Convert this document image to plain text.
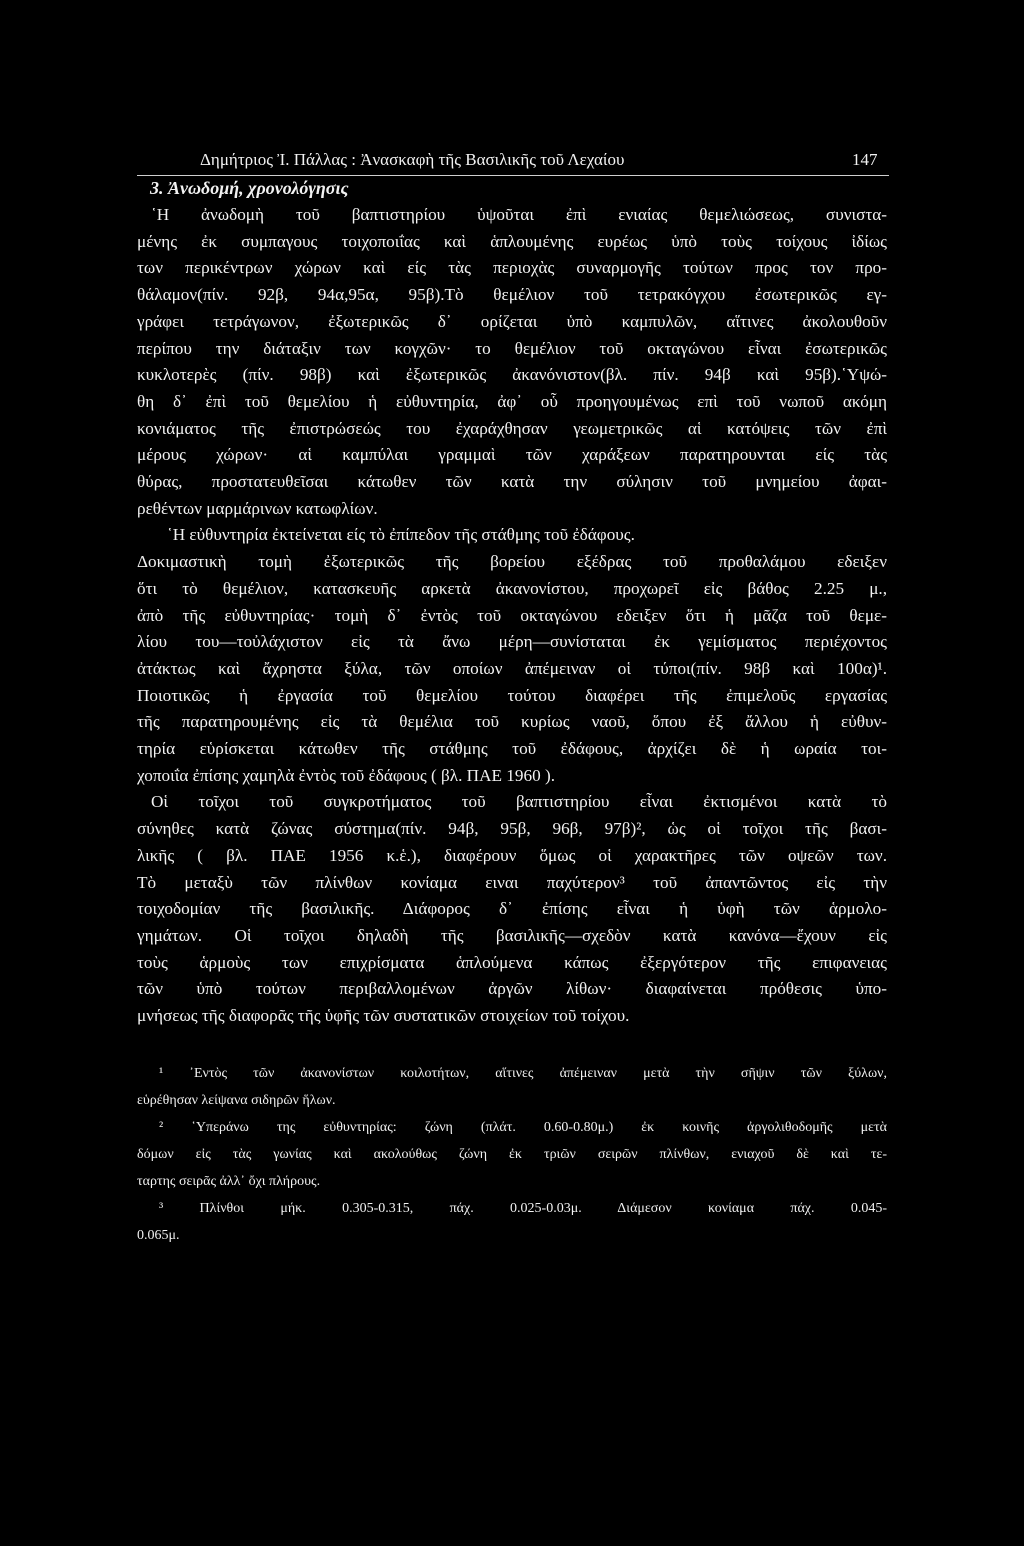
Δημήτριος Ἰ. Πάλλας : Ἀνασκαφὴ τῆς Βασιλικῆς τοῦ Λεχαίου	147
3. Ἀνωδομή, χρονολόγησις
῾Η ἀνωδομὴ τοῦ βαπτιστηρίου ὑψοῦται ἐπὶ ενιαίας θεμελιώσεως, συνιστα-
μένης ἐκ συμπαγους τοιχοποιΐας καὶ ἁπλουμένης ευρέως ὑπὸ τοὺς τοίχους ἰδίως
των περικέντρων χώρων καὶ είς τὰς περιοχὰς συναρμογῆς τούτων προς τον προ-
θάλαμον(πίν. 92β, 94α,95α, 95β).Τὸ θεμέλιον τοῦ τετρακόγχου ἐσωτερικῶς εγ-
γράφει τετράγωνον, ἐξωτερικῶς δ᾿ ορίζεται ὑπὸ καμπυλῶν, αἵτινες ἀκολουθοῦν
περίπου την διάταξιν των κογχῶν· το θεμέλιον τοῦ οκταγώνου εἶναι ἐσωτερικῶς
κυκλοτερὲς (πίν. 98β) καὶ ἐξωτερικῶς ἀκανόνιστον(βλ. πίν. 94β καὶ 95β).῾Υψώ-
θη δ᾿ ἐπὶ τοῦ θεμελίου ἡ εὐθυντηρία, ἀφ᾿ οὗ προηγουμένως επὶ τοῦ νωποῦ ακόμη
κονιάματος τῆς ἐπιστρώσεώς του ἐχαράχθησαν γεωμετρικῶς αἱ κατόψεις τῶν ἐπὶ
μέρους χώρων· αἱ καμπύλαι γραμμαὶ τῶν χαράξεων παρατηρουνται είς τὰς
θύρας, προστατευθεῖσαι κάτωθεν τῶν κατὰ την σύλησιν τοῦ μνημείου ἀφαι-
ρεθέντων μαρμάρινων κατωφλίων.
῾Η εὐθυντηρία ἐκτείνεται είς τὸ ἐπίπεδον τῆς στάθμης τοῦ ἐδάφους.
Δοκιμαστικὴ τομὴ ἐξωτερικῶς τῆς βορείου εξέδρας τοῦ προθαλάμου εδειξεν
ὅτι τὸ θεμέλιον, κατασκευῆς αρκετὰ ἀκανονίστου, προχωρεῖ εἰς βάθος 2.25 μ.,
ἀπὸ τῆς εὐθυντηρίας· τομὴ δ᾿ ἐντὸς τοῦ οκταγώνου εδειξεν ὅτι ἡ μᾶζα τοῦ θεμε-
λίου του—τοὐλάχιστον εἰς τὰ ἄνω μέρη—συνίσταται ἐκ γεμίσματος περιέχοντος
ἀτάκτως καὶ ἄχρηστα ξύλα, τῶν οποίων ἀπέμειναν οἱ τύποι(πίν. 98β καὶ 100α)¹.
Ποιοτικῶς ἡ ἐργασία τοῦ θεμελίου τούτου διαφέρει τῆς ἐπιμελοῦς εργασίας
τῆς παρατηρουμένης εἰς τὰ θεμέλια τοῦ κυρίως ναοῦ, ὅπου ἐξ ἄλλου ἡ εὐθυν-
τηρία εὑρίσκεται κάτωθεν τῆς στάθμης τοῦ ἐδάφους, ἀρχίζει δὲ ἡ ωραία τοι-
χοποιΐα ἐπίσης χαμηλὰ ἐντὸς τοῦ ἐδάφους ( βλ. ΠΑΕ 1960 ).
Οἱ τοῖχοι τοῦ συγκροτήματος τοῦ βαπτιστηρίου εἶναι ἐκτισμένοι κατὰ τὸ
σύνηθες κατὰ ζώνας σύστημα(πίν. 94β, 95β, 96β, 97β)², ὡς οἱ τοῖχοι τῆς βασι-
λικῆς ( βλ. ΠΑΕ 1956 κ.ἑ.), διαφέρουν ὅμως οἱ χαρακτῆρες τῶν οψεῶν των.
Τὸ μεταξὺ τῶν πλίνθων κονίαμα ειναι παχύτερον³ τοῦ ἀπαντῶντος εἰς τὴν
τοιχοδομίαν τῆς βασιλικῆς. Διάφορος δ᾿ ἐπίσης εἶναι ἡ ὑφὴ τῶν ἁρμολο-
γημάτων. Οἱ τοῖχοι δηλαδὴ τῆς βασιλικῆς—σχεδὸν κατὰ κανόνα—ἔχουν εἰς
τοὺς ἁρμοὺς των επιχρίσματα ἁπλούμενα κάπως ἐξεργότερον τῆς επιφανειας
τῶν ὑπὸ τούτων περιβαλλομένων ἀργῶν λίθων· διαφαίνεται πρόθεσις ὑπο-
μνήσεως τῆς διαφορᾶς τῆς ὑφῆς τῶν συστατικῶν στοιχείων τοῦ τοίχου.
¹ ᾿Εντὸς τῶν ἀκανονίστων κοιλοτήτων, αἵτινες ἀπέμειναν μετὰ τὴν σῆψιν τῶν ξύλων,
εὑρέθησαν λείψανα σιδηρῶν ἥλων.
² ῾Υπεράνω της εὐθυντηρίας: ζώνη (πλάτ. 0.60-0.80μ.) ἐκ κοινῆς ἀργολιθοδομῆς μετὰ
δόμων εἰς τὰς γωνίας καὶ ακολούθως ζώνη ἐκ τριῶν σειρῶν πλίνθων, ενιαχοῦ δὲ καὶ τε-
ταρτης σειρᾶς ἀλλ᾿ ὄχι πλήρους.
³ Πλίνθοι μήκ. 0.305-0.315, πάχ. 0.025-0.03μ. Διάμεσον κονίαμα πάχ. 0.045-
0.065μ.
